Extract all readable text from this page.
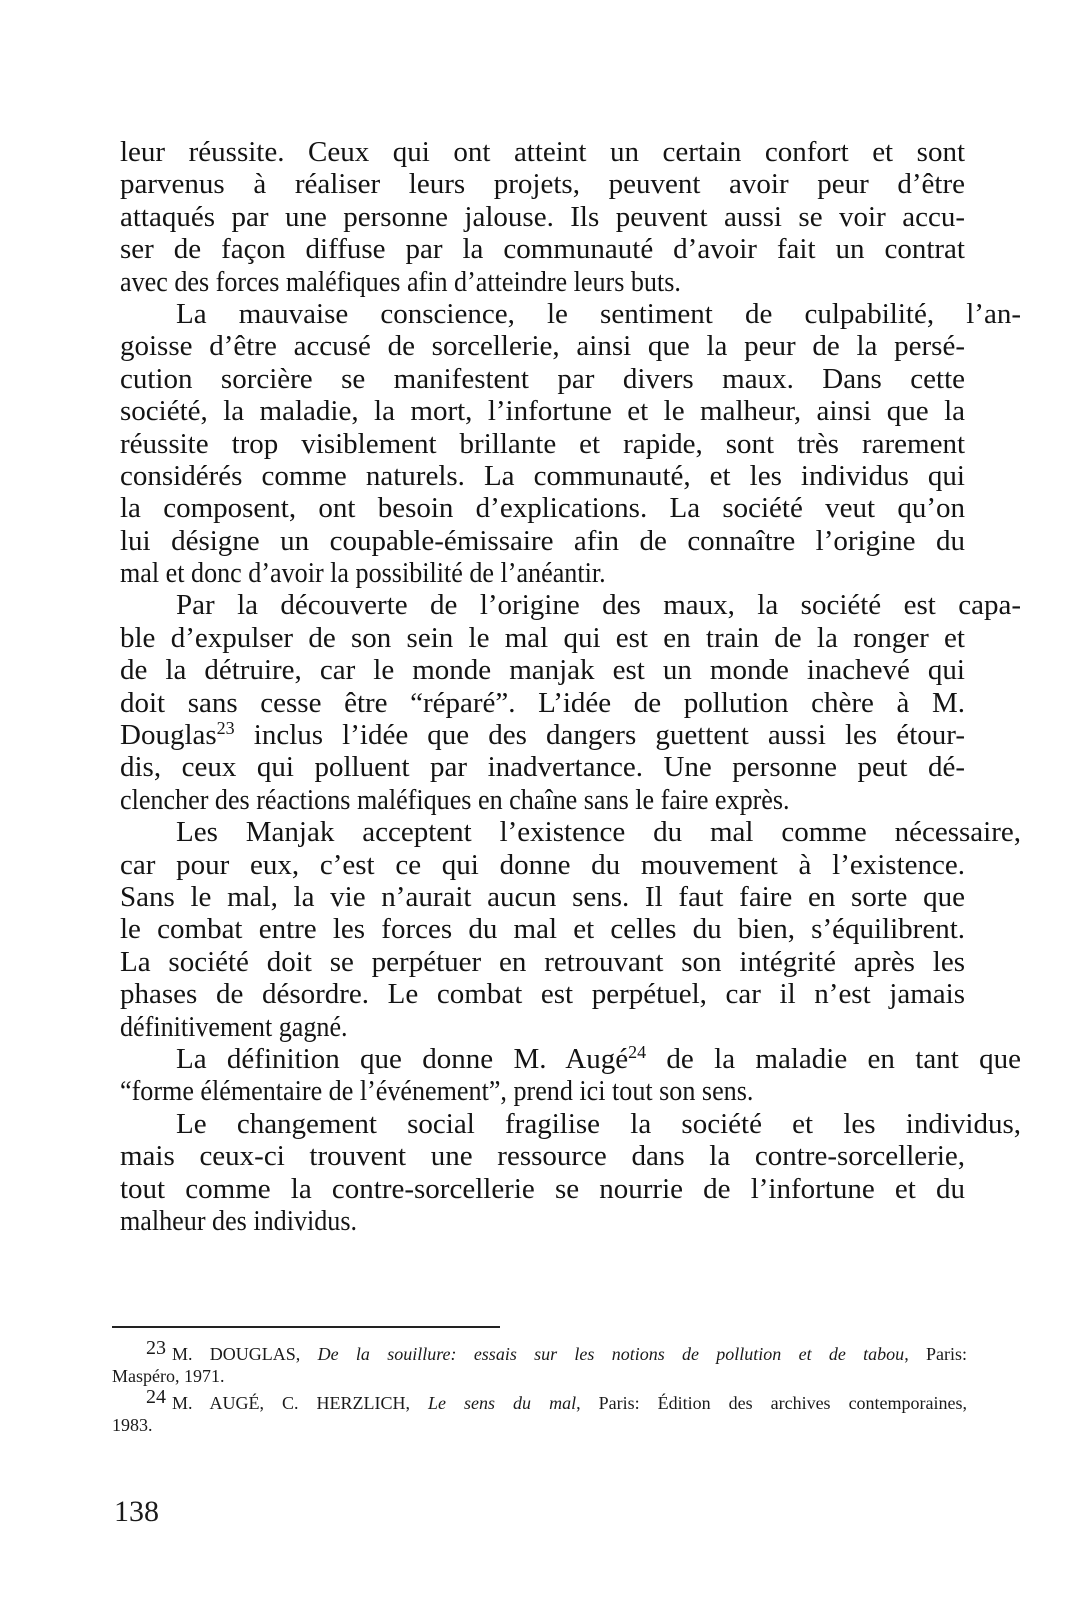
leur réussite. Ceux qui ont atteint un certain confort et sont
parvenus à réaliser leurs projets, peuvent avoir peur d’être
attaqués par une personne jalouse. Ils peuvent aussi se voir accu-
ser de façon diffuse par la communauté d’avoir fait un contrat
avec des forces maléfiques afin d’atteindre leurs buts.
La mauvaise conscience, le sentiment de culpabilité, l’an-
goisse d’être accusé de sorcellerie, ainsi que la peur de la persé-
cution sorcière se manifestent par divers maux. Dans cette
société, la maladie, la mort, l’infortune et le malheur, ainsi que la
réussite trop visiblement brillante et rapide, sont très rarement
considérés comme naturels. La communauté, et les individus qui
la composent, ont besoin d’explications. La société veut qu’on
lui désigne un coupable-émissaire afin de connaître l’origine du
mal et donc d’avoir la possibilité de l’anéantir.
Par la découverte de l’origine des maux, la société est capa-
ble d’expulser de son sein le mal qui est en train de la ronger et
de la détruire, car le monde manjak est un monde inachevé qui
doit sans cesse être “réparé”. L’idée de pollution chère à M.
Douglas$^{23}$ inclus l’idée que des dangers guettent aussi les étour-
dis, ceux qui polluent par inadvertance. Une personne peut dé-
clencher des réactions maléfiques en chaîne sans le faire exprès.
Les Manjak acceptent l’existence du mal comme nécessaire,
car pour eux, c’est ce qui donne du mouvement à l’existence.
Sans le mal, la vie n’aurait aucun sens. Il faut faire en sorte que
le combat entre les forces du mal et celles du bien, s’équilibrent.
La société doit se perpétuer en retrouvant son intégrité après les
phases de désordre. Le combat est perpétuel, car il n’est jamais
définitivement gagné.
La définition que donne M. Augé$^{24}$ de la maladie en tant que
“forme élémentaire de l’événement”, prend ici tout son sens.
Le changement social fragilise la société et les individus,
mais ceux-ci trouvent une ressource dans la contre-sorcellerie,
tout comme la contre-sorcellerie se nourrie de l’infortune et du
malheur des individus.
23 M. DOUGLAS, De la souillure: essais sur les notions de pollution et de tabou, Paris:
Maspéro, 1971.
24 M. AUGÉ, C. HERZLICH, Le sens du mal, Paris: Édition des archives contemporaines,
1983.
138
